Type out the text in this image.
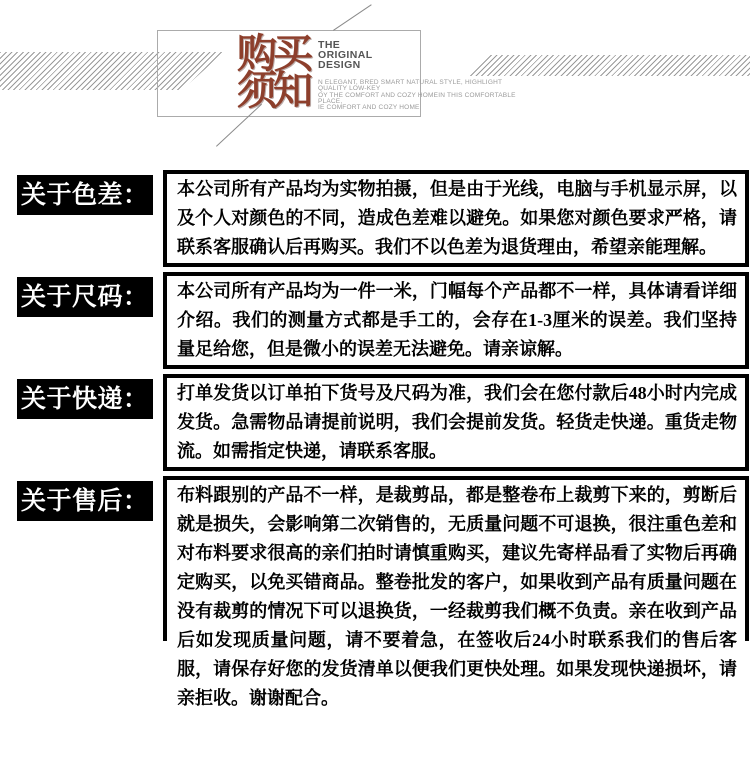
购买
须知
THE
ORIGINAL
DESIGN
N ELEGANT, BRED SMART NATURAL STYLE, HIGHLIGHT QUALITY LOW-KEY
OY THE COMFORT AND COZY HOMEIN THIS COMFORTABLE PLACE,
IE COMFORT AND COZY HOME
关于色差：	本公司所有产品均为实物拍摄，但是由于光线，电脑与手机显示屏，以及个人对颜色的不同，造成色差难以避免。如果您对颜色要求严格，请联系客服确认后再购买。我们不以色差为退货理由，希望亲能理解。
关于尺码：	本公司所有产品均为一件一米，门幅每个产品都不一样，具体请看详细介绍。我们的测量方式都是手工的，会存在1-3厘米的误差。我们坚持量足给您，但是微小的误差无法避免。请亲谅解。
关于快递：	打单发货以订单拍下货号及尺码为准，我们会在您付款后48小时内完成发货。急需物品请提前说明，我们会提前发货。轻货走快递。重货走物流。如需指定快递，请联系客服。
关于售后：	布料跟别的产品不一样，是裁剪品，都是整卷布上裁剪下来的，剪断后就是损失，会影响第二次销售的，无质量问题不可退换，很注重色差和对布料要求很高的亲们拍时请慎重购买，建议先寄样品看了实物后再确定购买，以免买错商品。整卷批发的客户，如果收到产品有质量问题在没有裁剪的情况下可以退换货，一经裁剪我们概不负责。亲在收到产品后如发现质量问题，请不要着急，在签收后24小时联系我们的售后客服，请保存好您的发货清单以便我们更快处理。如果发现快递损坏，请亲拒收。谢谢配合。
